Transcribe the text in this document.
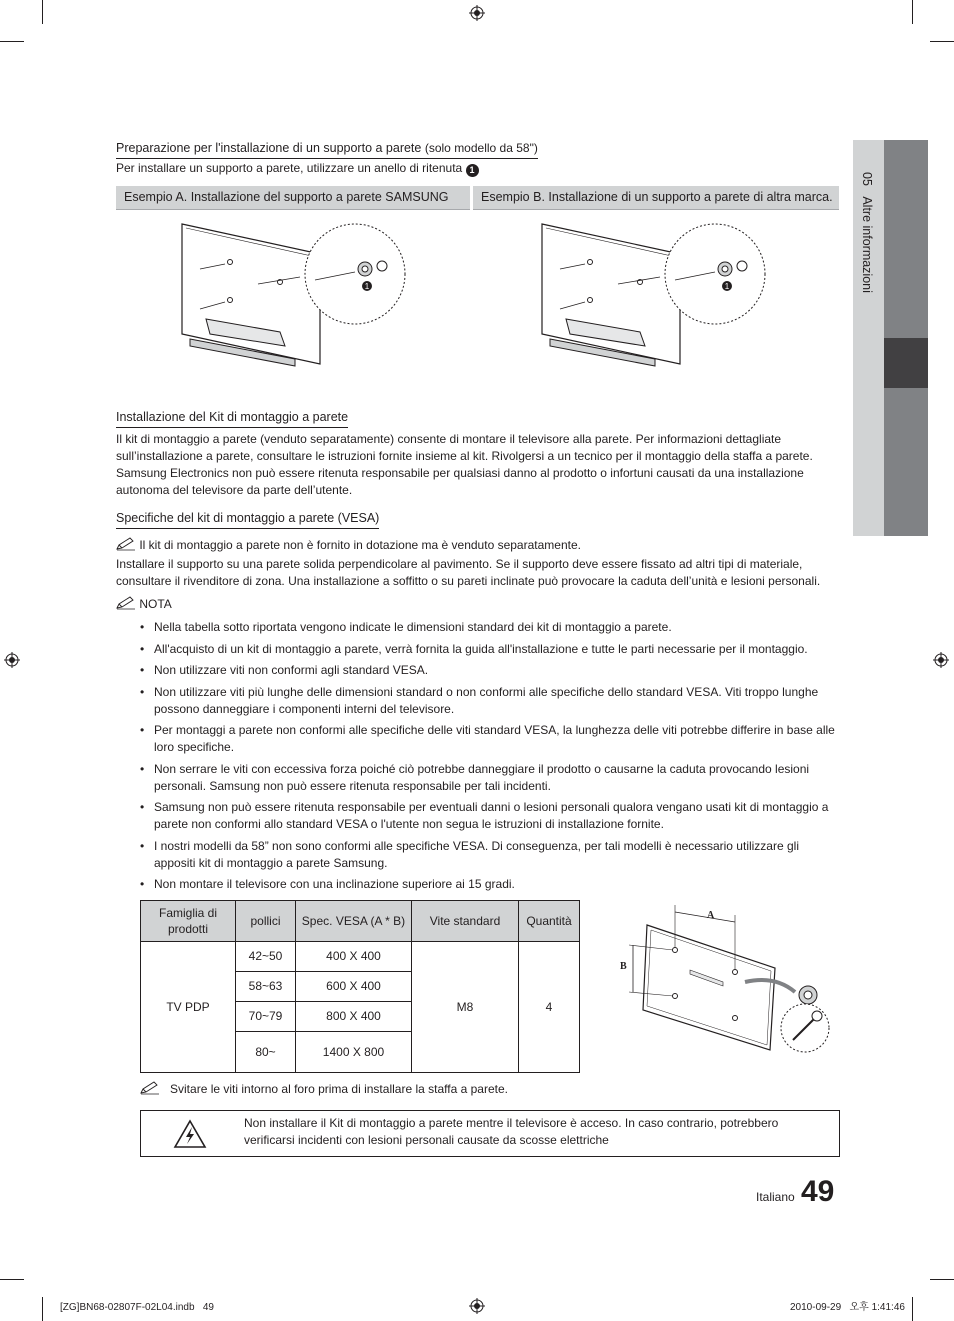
05   Altre informazioni
Preparazione per l'installazione di un supporto a parete (solo modello da 58")
Per installare un supporto a parete, utilizzare un anello di ritenuta 1
Esempio A. Installazione del supporto a parete SAMSUNG	Esempio B. Installazione di un supporto a parete di altra marca.
1	1
Installazione del Kit di montaggio a parete

Il kit di montaggio a parete (venduto separatamente) consente di montare il televisore alla parete. Per informazioni dettagliate sull’installazione a parete, consultare le istruzioni fornite insieme al kit. Rivolgersi a un tecnico per il montaggio della staffa a parete. Samsung Electronics non può essere ritenuta responsabile per qualsiasi danno al prodotto o infortuni causati da una installazione autonoma del televisore da parte dell’utente.

Specifiche del kit di montaggio a parete (VESA)
Il kit di montaggio a parete non è fornito in dotazione ma è venduto separatamente.

Installare il supporto su una parete solida perpendicolare al pavimento. Se il supporto deve essere fissato ad altri tipi di materiale, consultare il rivenditore di zona. Una installazione a soffitto o su pareti inclinate può provocare la caduta dell’unità e lesioni personali.

NOTA
• Nella tabella sotto riportata vengono indicate le dimensioni standard dei kit di montaggio a parete.
• All'acquisto di un kit di montaggio a parete, verrà fornita la guida all'installazione e tutte le parti necessarie per il montaggio.
• Non utilizzare viti non conformi agli standard VESA.
• Non utilizzare viti più lunghe delle dimensioni standard o non conformi alle specifiche dello standard VESA. Viti troppo lunghe possono danneggiare i componenti interni del televisore.
• Per montaggi a parete non conformi alle specifiche delle viti standard VESA, la lunghezza delle viti potrebbe differire in base alle loro specifiche.
• Non serrare le viti con eccessiva forza poiché ciò potrebbe danneggiare il prodotto o causarne la caduta provocando lesioni personali. Samsung non può essere ritenuta responsabile per tali incidenti.
• Samsung non può essere ritenuta responsabile per eventuali danni o lesioni personali qualora vengano usati kit di montaggio a parete non conformi allo standard VESA o l'utente non segua le istruzioni di installazione fornite.
• I nostri modelli da 58” non sono conformi alle specifiche VESA. Di conseguenza, per tali modelli è necessario utilizzare gli appositi kit di montaggio a parete Samsung.
• Non montare il televisore con una inclinazione superiore ai 15 gradi.
Famiglia di prodotti	pollici	Spec. VESA (A * B)	Vite standard	Quantità
TV PDP	42~50	400 X 400	M8	4
	58~63	600 X 400		
	70~79	800 X 400		
	80~	1400 X 800		
A
B
Svitare le viti intorno al foro prima di installare la staffa a parete.
Non installare il Kit di montaggio a parete mentre il televisore è acceso. In caso contrario, potrebbero verificarsi incidenti con lesioni personali causate da scosse elettriche
Italiano 49
[ZG]BN68-02807F-02L04.indb   49	2010-09-29   오후 1:41:46
